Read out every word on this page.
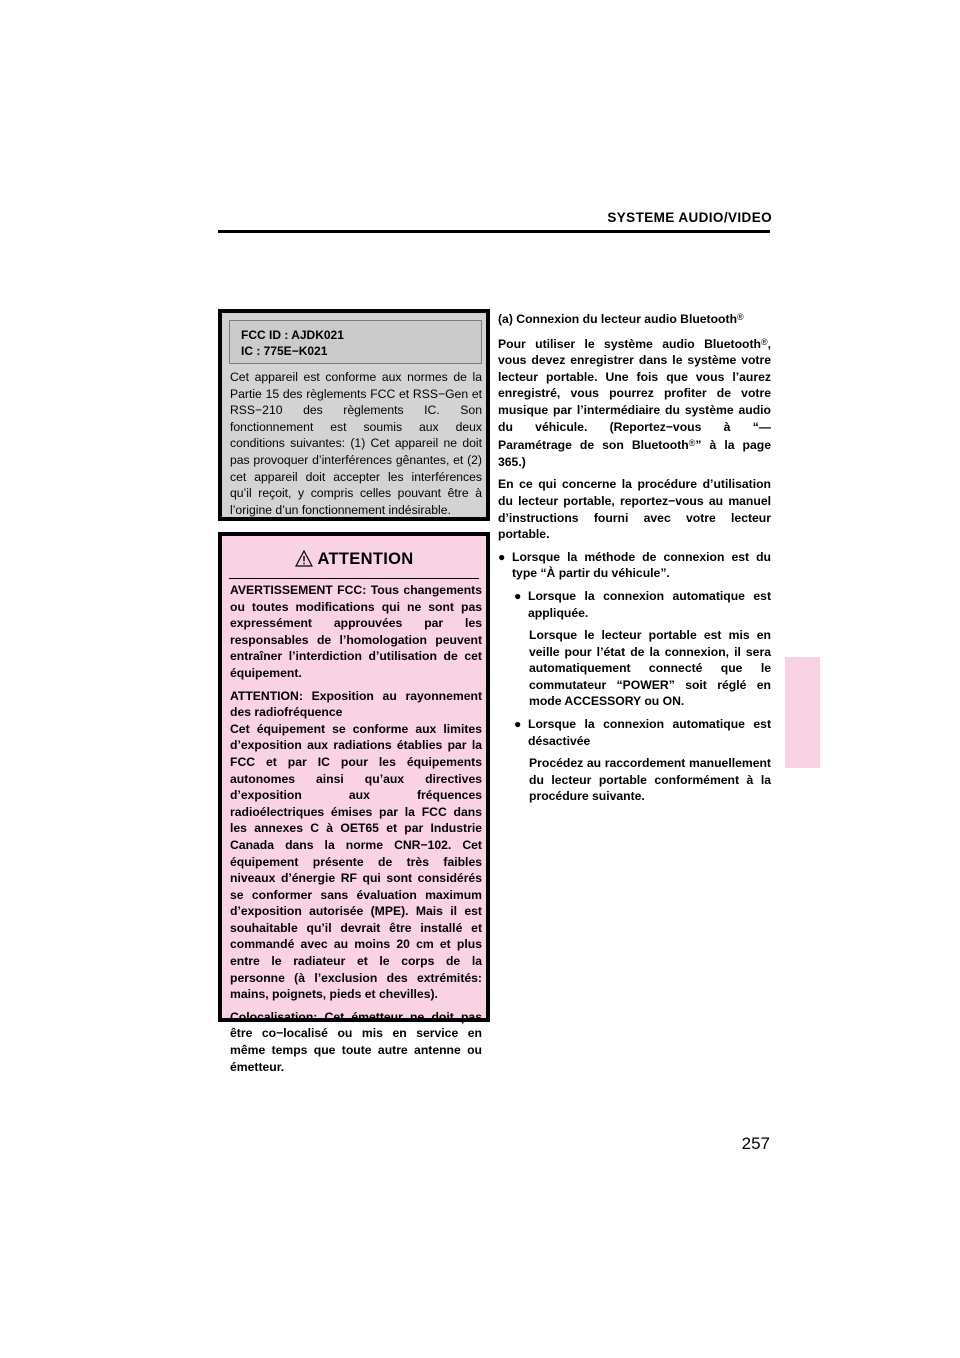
SYSTEME AUDIO/VIDEO
FCC ID : AJDK021
IC : 775E−K021
Cet appareil est conforme aux normes de la Partie 15 des règlements FCC et RSS−Gen et RSS−210 des règlements IC. Son fonctionnement est soumis aux deux conditions suivantes: (1) Cet appareil ne doit pas provoquer d’interférences gênantes, et (2) cet appareil doit accepter les interférences qu’il reçoit, y compris celles pouvant être à l’origine d’un fonctionnement indésirable.
ATTENTION

AVERTISSEMENT FCC: Tous changements ou toutes modifications qui ne sont pas expressément approuvées par les responsables de l’homologation peuvent entraîner l’interdiction d’utilisation de cet équipement.

ATTENTION: Exposition au rayonnement des radiofréquence
Cet équipement se conforme aux limites d’exposition aux radiations établies par la FCC et par IC pour les équipements autonomes ainsi qu’aux directives d’exposition aux fréquences radioélectriques émises par la FCC dans les annexes C à OET65 et par Industrie Canada dans la norme CNR−102. Cet équipement présente de très faibles niveaux d’énergie RF qui sont considérés se conformer sans évaluation maximum d’exposition autorisée (MPE). Mais il est souhaitable qu’il devrait être installé et commandé avec au moins 20 cm et plus entre le radiateur et le corps de la personne (à l’exclusion des extrémités: mains, poignets, pieds et chevilles).

Colocalisation: Cet émetteur ne doit pas être co−localisé ou mis en service en même temps que toute autre antenne ou émetteur.

(a) Connexion du lecteur audio Bluetooth®

Pour utiliser le système audio Bluetooth®, vous devez enregistrer dans le système votre lecteur portable. Une fois que vous l’aurez enregistré, vous pourrez profiter de votre musique par l’intermédiaire du système audio du véhicule. (Reportez−vous à “— Paramétrage de son Bluetooth®” à la page 365.)

En ce qui concerne la procédure d’utilisation du lecteur portable, reportez−vous au manuel d’instructions fourni avec votre lecteur portable.

● Lorsque la méthode de connexion est du type “À partir du véhicule”.
● Lorsque la connexion automatique est appliquée.
Lorsque le lecteur portable est mis en veille pour l’état de la connexion, il sera automatiquement connecté que le commutateur “POWER” soit réglé en mode ACCESSORY ou ON.
● Lorsque la connexion automatique est désactivée
Procédez au raccordement manuellement du lecteur portable conformément à la procédure suivante.
257
